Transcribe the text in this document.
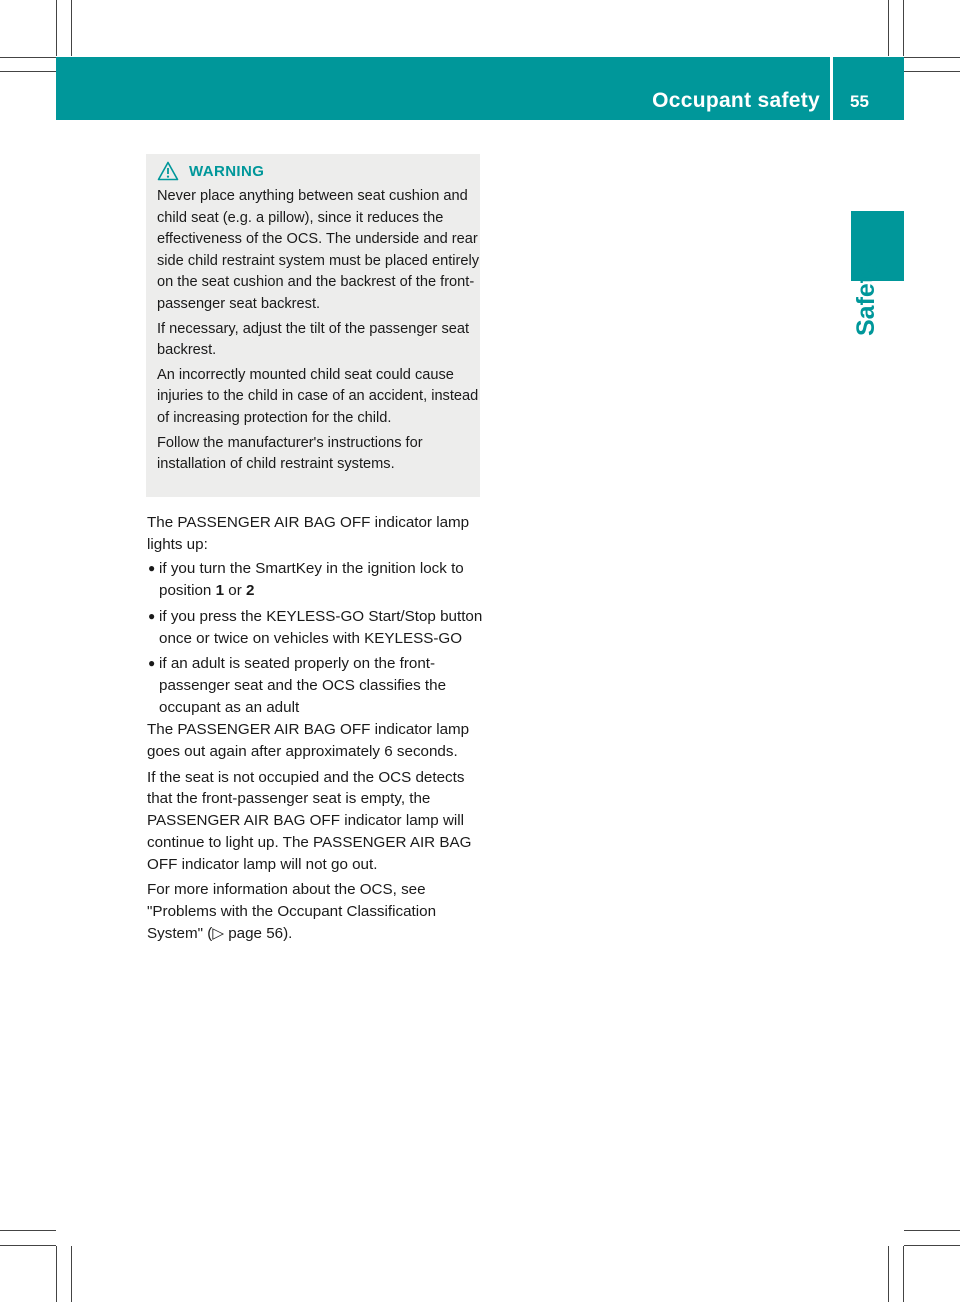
Occupant safety 55
Safety
WARNING

Never place anything between seat cushion and child seat (e.g. a pillow), since it reduces the effectiveness of the OCS. The underside and rear side child restraint system must be placed entirely on the seat cushion and the backrest of the front-passenger seat backrest.

If necessary, adjust the tilt of the passenger seat backrest.

An incorrectly mounted child seat could cause injuries to the child in case of an accident, instead of increasing protection for the child.

Follow the manufacturer's instructions for installation of child restraint systems.

The PASSENGER AIR BAG OFF indicator lamp lights up:

● if you turn the SmartKey in the ignition lock to position 1 or 2
● if you press the KEYLESS-GO Start/Stop button once or twice on vehicles with KEYLESS-GO
● if an adult is seated properly on the front-passenger seat and the OCS classifies the occupant as an adult

The PASSENGER AIR BAG OFF indicator lamp goes out again after approximately 6 seconds.

If the seat is not occupied and the OCS detects that the front-passenger seat is empty, the PASSENGER AIR BAG OFF indicator lamp will continue to light up. The PASSENGER AIR BAG OFF indicator lamp will not go out.

For more information about the OCS, see "Problems with the Occupant Classification System" (▷ page 56).
